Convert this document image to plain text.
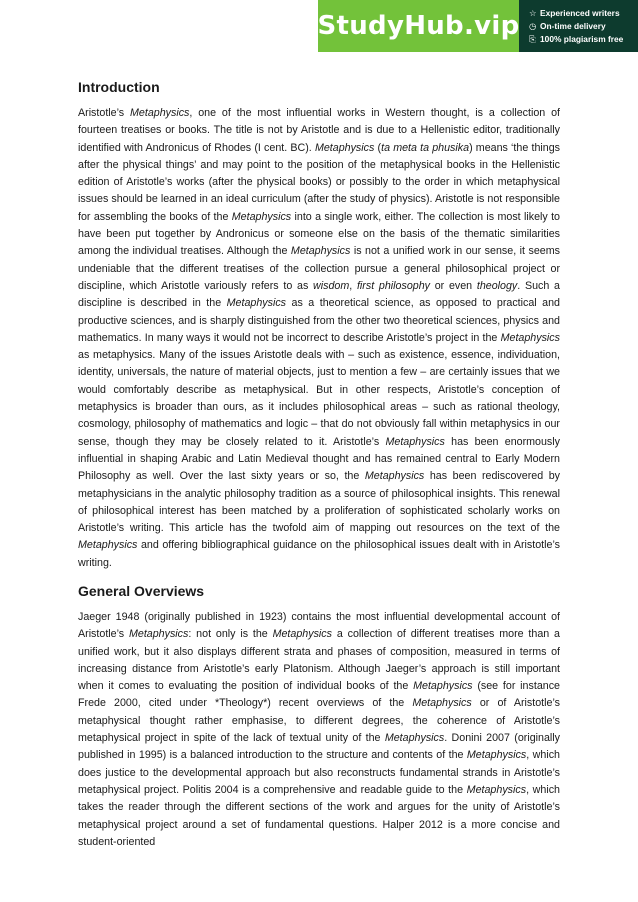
StudyHub.vip ☆ Experienced writers
◷ On-time delivery
⎘ 100% plagiarism free
Introduction

Aristotle’s Metaphysics, one of the most influential works in Western thought, is a collection of fourteen treatises or books. The title is not by Aristotle and is due to a Hellenistic editor, traditionally identified with Andronicus of Rhodes (I cent. BC). Metaphysics (ta meta ta phusika) means ‘the things after the physical things’ and may point to the position of the metaphysical books in the Hellenistic edition of Aristotle’s works (after the physical books) or possibly to the order in which metaphysical issues should be learned in an ideal curriculum (after the study of physics). Aristotle is not responsible for assembling the books of the Metaphysics into a single work, either. The collection is most likely to have been put together by Andronicus or someone else on the basis of the thematic similarities among the individual treatises. Although the Metaphysics is not a unified work in our sense, it seems undeniable that the different treatises of the collection pursue a general philosophical project or discipline, which Aristotle variously refers to as wisdom, first philosophy or even theology. Such a discipline is described in the Metaphysics as a theoretical science, as opposed to practical and productive sciences, and is sharply distinguished from the other two theoretical sciences, physics and mathematics. In many ways it would not be incorrect to describe Aristotle’s project in the Metaphysics as metaphysics. Many of the issues Aristotle deals with – such as existence, essence, individuation, identity, universals, the nature of material objects, just to mention a few – are certainly issues that we would comfortably describe as metaphysical. But in other respects, Aristotle’s conception of metaphysics is broader than ours, as it includes philosophical areas – such as rational theology, cosmology, philosophy of mathematics and logic – that do not obviously fall within metaphysics in our sense, though they may be closely related to it. Aristotle’s Metaphysics has been enormously influential in shaping Arabic and Latin Medieval thought and has remained central to Early Modern Philosophy as well. Over the last sixty years or so, the Metaphysics has been rediscovered by metaphysicians in the analytic philosophy tradition as a source of philosophical insights. This renewal of philosophical interest has been matched by a proliferation of sophisticated scholarly works on Aristotle’s writing. This article has the twofold aim of mapping out resources on the text of the Metaphysics and offering bibliographical guidance on the philosophical issues dealt with in Aristotle’s writing.

General Overviews

Jaeger 1948 (originally published in 1923) contains the most influential developmental account of Aristotle’s Metaphysics: not only is the Metaphysics a collection of different treatises more than a unified work, but it also displays different strata and phases of composition, measured in terms of increasing distance from Aristotle’s early Platonism. Although Jaeger’s approach is still important when it comes to evaluating the position of individual books of the Metaphysics (see for instance Frede 2000, cited under *Theology*) recent overviews of the Metaphysics or of Aristotle’s metaphysical thought rather emphasise, to different degrees, the coherence of Aristotle’s metaphysical project in spite of the lack of textual unity of the Metaphysics. Donini 2007 (originally published in 1995) is a balanced introduction to the structure and contents of the Metaphysics, which does justice to the developmental approach but also reconstructs fundamental strands in Aristotle’s metaphysical project. Politis 2004 is a comprehensive and readable guide to the Metaphysics, which takes the reader through the different sections of the work and argues for the unity of Aristotle’s metaphysical project around a set of fundamental questions. Halper 2012 is a more concise and student-oriented
